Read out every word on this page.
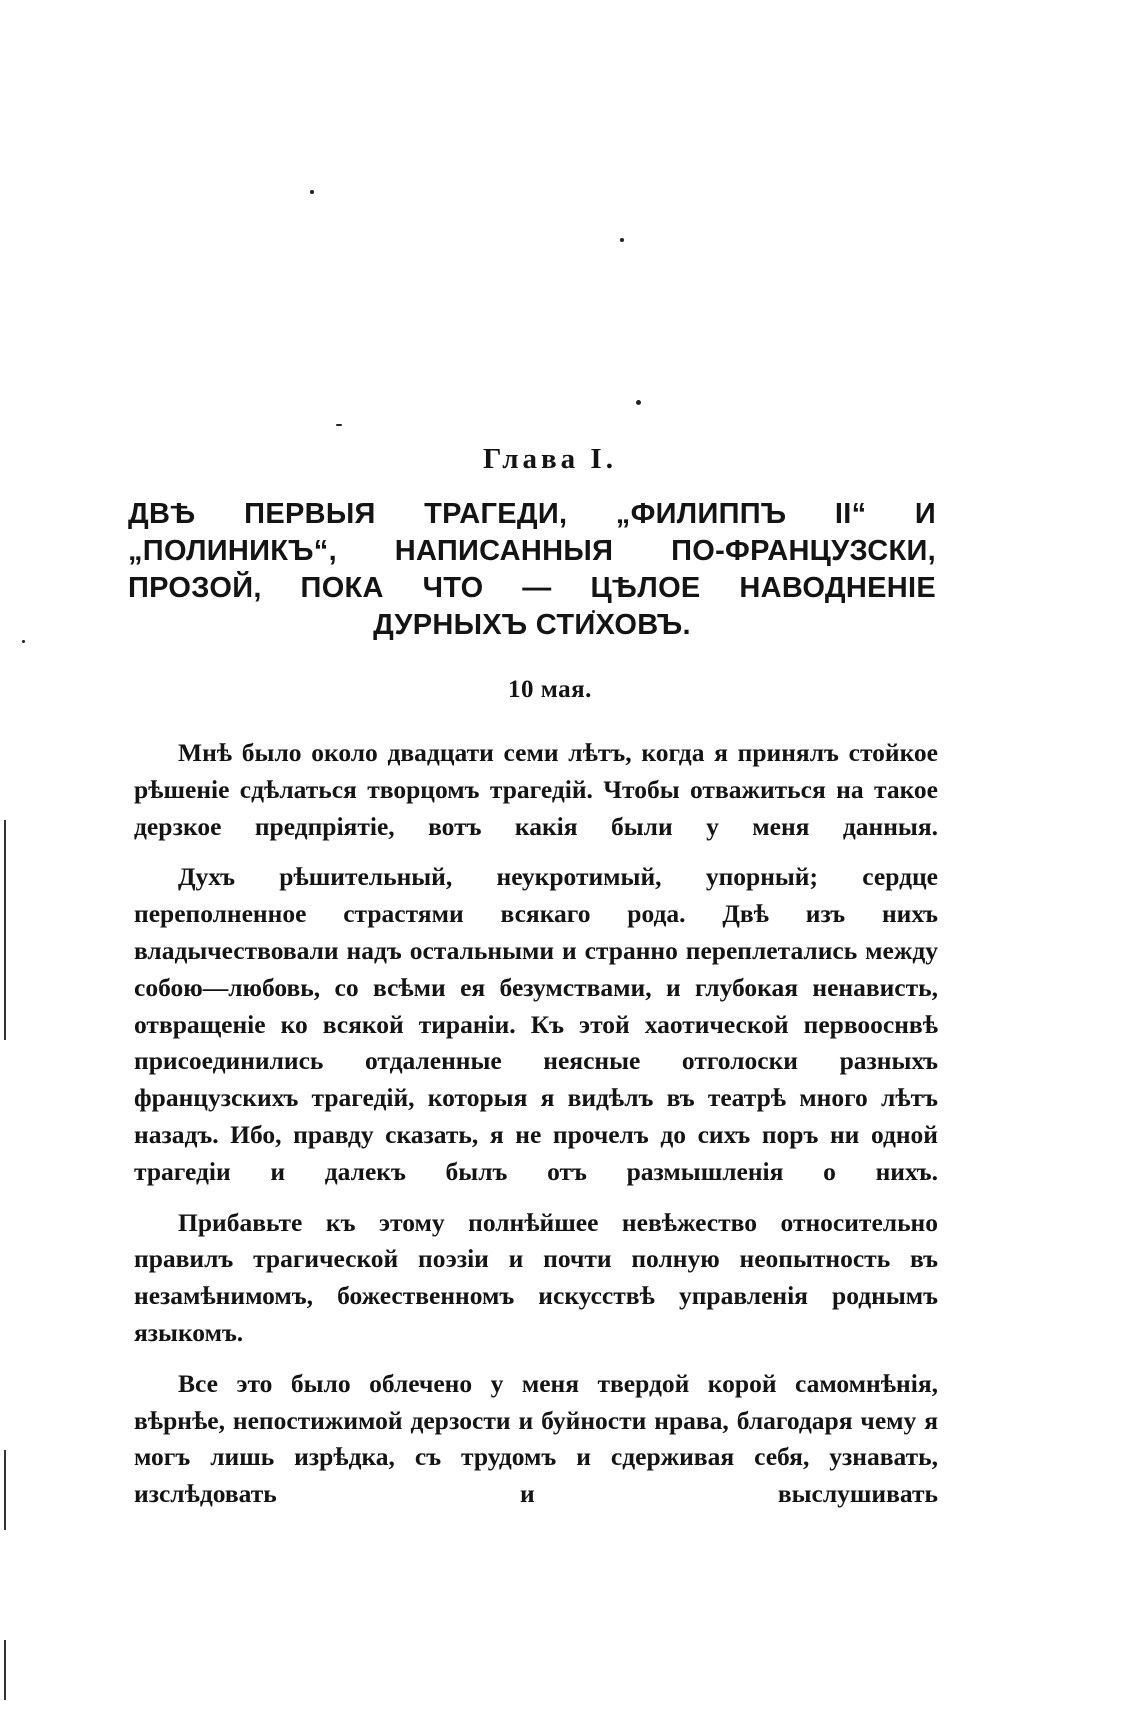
Глава I.

ДВѢ ПЕРВЫЯ ТРАГЕДИ, „ФИЛИППЪ II“ И „ПОЛИНИКЪ“, НАПИСАННЫЯ ПО-ФРАНЦУЗСКИ, ПРОЗОЙ, ПОКА ЧТО — ЦѢЛОЕ НАВОДНЕНІЕ ДУРНЫХЪ СТИХОВЪ.

10 мая.

Мнѣ было около двадцати семи лѣтъ, когда я принялъ стойкое рѣшеніе сдѣлаться творцомъ трагедій. Чтобы отважиться на такое дерзкое предпріятіе, вотъ какія были у меня данныя.

Духъ рѣшительный, неукротимый, упорный; сердце переполненное страстями всякаго рода. Двѣ изъ нихъ владычествовали надъ остальными и странно переплетались между собою—любовь, со всѣми ея безумствами, и глубокая ненависть, отвращеніе ко всякой тираніи. Къ этой хаотической первооснвѣ присоединились отдаленные неясные отголоски разныхъ французскихъ трагедій, которыя я видѣлъ въ театрѣ много лѣтъ назадъ. Ибо, правду сказать, я не прочелъ до сихъ поръ ни одной трагедіи и далекъ былъ отъ размышленія о нихъ.

Прибавьте къ этому полнѣйшее невѣжество относительно правилъ трагической поэзіи и почти полную неопытность въ незамѣнимомъ, божественномъ искусствѣ управленія роднымъ языкомъ.

Все это было облечено у меня твердой корой самомнѣнія, вѣрнѣе, непостижимой дерзости и буйности нрава, благодаря чему я могъ лишь изрѣдка, съ трудомъ и сдерживая себя, узнавать, изслѣдовать и выслушивать
